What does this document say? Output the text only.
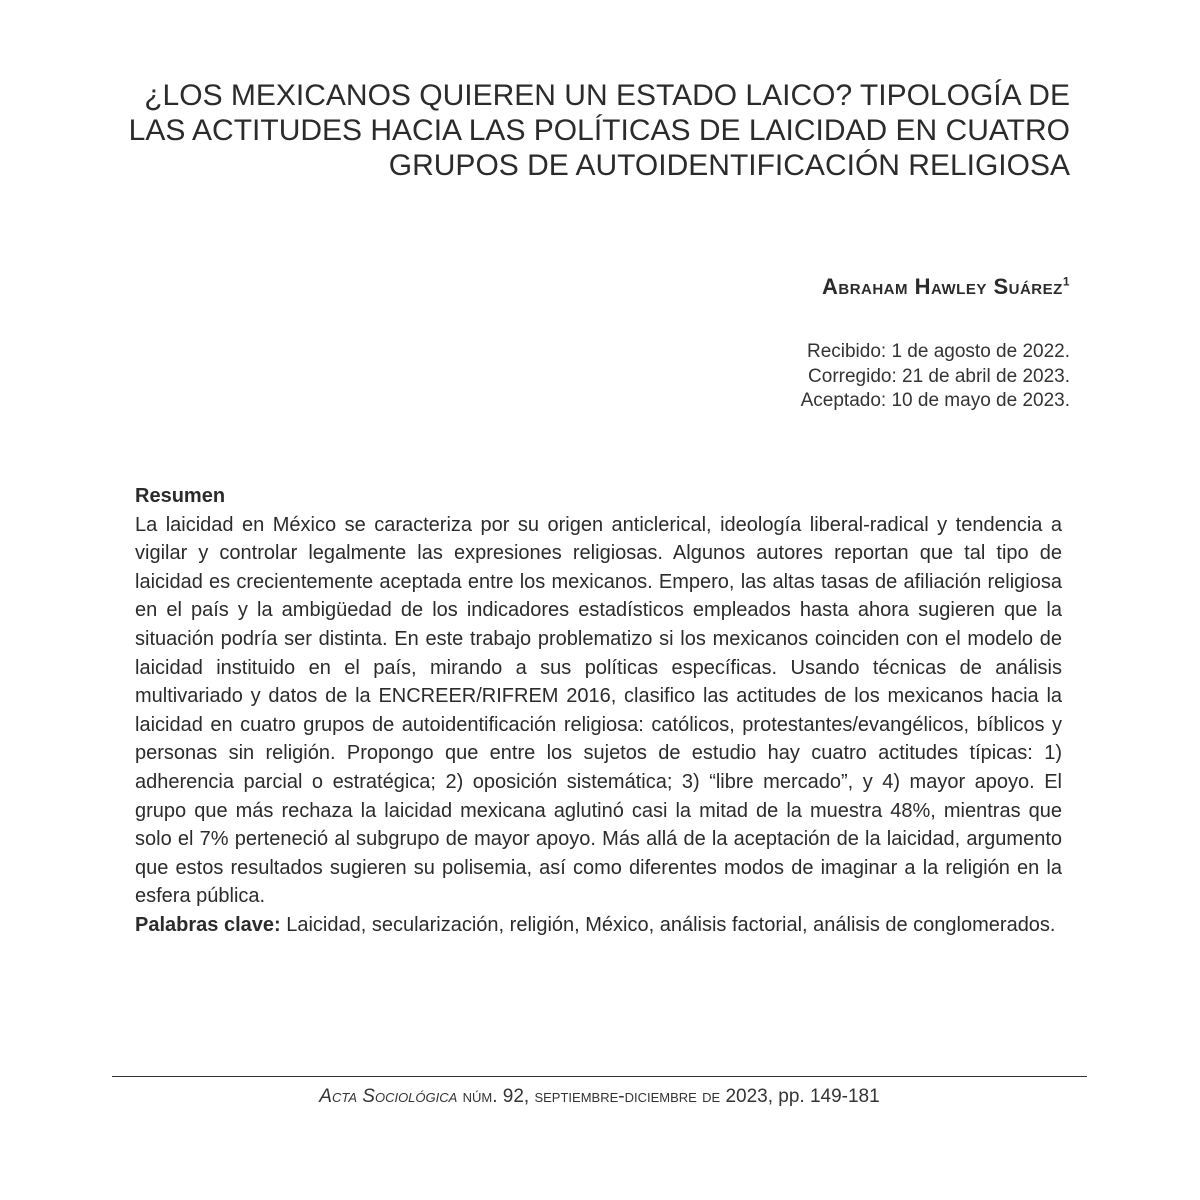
¿LOS MEXICANOS QUIEREN UN ESTADO LAICO? TIPOLOGÍA DE
LAS ACTITUDES HACIA LAS POLÍTICAS DE LAICIDAD EN CUATRO
GRUPOS DE AUTOIDENTIFICACIÓN RELIGIOSA
Abraham Hawley Suárez$^1$
Recibido: 1 de agosto de 2022.
Corregido: 21 de abril de 2023.
Aceptado: 10 de mayo de 2023.
Resumen
La laicidad en México se caracteriza por su origen anticlerical, ideología liberal-radical y tendencia a vigilar y controlar legalmente las expresiones religiosas. Algunos autores reportan que tal tipo de laicidad es crecientemente aceptada entre los mexicanos. Empero, las altas tasas de afiliación religiosa en el país y la ambigüedad de los indicadores estadísticos empleados hasta ahora sugieren que la situación podría ser distinta. En este trabajo problematizo si los mexicanos coinciden con el modelo de laicidad instituido en el país, mirando a sus políticas específicas. Usando técnicas de análisis multivariado y datos de la ENCREER/RIFREM 2016, clasifico las actitudes de los mexicanos hacia la laicidad en cuatro grupos de autoidentificación religiosa: católicos, protestantes/evangélicos, bíblicos y personas sin religión. Propongo que entre los sujetos de estudio hay cuatro actitudes típicas: 1) adherencia parcial o estratégica; 2) oposición sistemática; 3) “libre mercado”, y 4) mayor apoyo. El grupo que más rechaza la laicidad mexicana aglutinó casi la mitad de la muestra 48%, mientras que solo el 7% perteneció al subgrupo de mayor apoyo. Más allá de la aceptación de la laicidad, argumento que estos resultados sugieren su polisemia, así como diferentes modos de imaginar a la religión en la esfera pública.
Palabras clave: Laicidad, secularización, religión, México, análisis factorial, análisis de conglomerados.
Acta Sociológica núm. 92, septiembre-diciembre de 2023, pp. 149-181
